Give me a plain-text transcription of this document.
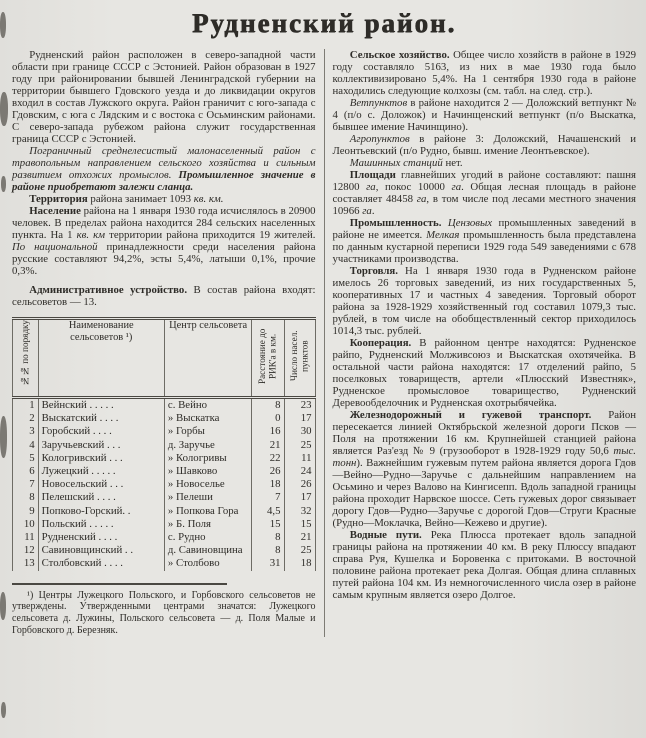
Рудненский район.

Рудненский район расположен в северо-западной части области при границе СССР с Эстонией. Район образован в 1927 году при районировании бывшей Ленинградской губернии на территории бывшего Гдовского уезда и до ликвидации округов входил в состав Лужского округа. Район граничит с юго-запада с Гдовским, с юга с Лядским и с востока с Осьминским районами. С северо-запада рубежом района служит государственная граница СССР с Эстонией.

Пограничный среднелесистый малонаселенный район с травопольным направлением сельского хозяйства и сильным развитием отхожих промыслов. Промышленное значение в районе приобретают залежи сланца.

Территория района занимает 1093 кв. км.

Население района на 1 января 1930 года исчислялось в 20900 человек. В пределах района находится 284 сельских населенных пункта. На 1 кв. км территории района приходится 19 жителей. По национальной принадлежности среди населения района русские составляют 94,2%, эсты 5,4%, латыши 0,1%, прочие 0,3%.

Административное устройство. В состав района входят: сельсоветов — 13.

№№ по порядку	Наименование сельсоветов ¹)	Центр сельсовета	Расстояние до РИК'а в км.	Число насел. пунктов
1	Вейнский . . . . .	с. Вейно	8	23
2	Выскатский . . . .	» Выскатка	0	17
3	Горобский . . . .	» Горбы	16	30
4	Заручьевский . . .	д. Заручье	21	25
5	Кологривский . . .	» Кологривы	22	11
6	Лужецкий . . . . .	» Шавково	26	24
7	Новосельский . . .	» Новоселье	18	26
8	Пелешский . . . .	» Пелеши	7	17
9	Попково-Горский. .	» Попкова Гора	4,5	32
10	Польский . . . . .	» Б. Поля	15	15
11	Рудненский . . . .	с. Рудно	8	21
12	Савиновщинский . .	д. Савиновщина	8	25
13	Столбовский . . . .	» Столбово	31	18

¹) Центры Лужецкого Польского, и Горбовского сельсоветов не утверждены. Утвержденными центрами значатся: Лужецкого сельсовета д. Лужины, Польского сельсовета — д. Поля Малые и Горбовского д. Березняк.

Сельское хозяйство. Общее число хозяйств в районе в 1929 году составляло 5163, из них в мае 1930 года было коллективизировано 5,4%. На 1 сентября 1930 года в районе находились следующие колхозы (см. табл. на след. стр.).

Ветпунктов в районе находится 2 — Доложский ветпункт № 4 (п/о с. Доложок) и Начинщенский ветпункт (п/о Выскатка, бывшее имение Начинщино).

Агропунктов в районе 3: Доложский, Начашенский и Леонтьевский (п/о Рудно, бывш. имение Леонтьевское).

Машинных станций нет.

Площади главнейших угодий в районе составляют: пашня 12800 га, покос 10000 га. Общая лесная площадь в районе составляет 48458 га, в том числе под лесами местного значения 10966 га.

Промышленность. Цензовых промышленных заведений в районе не имеется. Мелкая промышленность была представлена по данным кустарной переписи 1929 года 549 заведениями с 678 участниками производства.

Торговля. На 1 января 1930 года в Рудненском районе имелось 26 торговых заведений, из них государственных 5, кооперативных 17 и частных 4 заведения. Торговый оборот района за 1928-1929 хозяйственный год составил 1079,3 тыс. рублей, в том числе на обобществленный сектор приходилось 1014,3 тыс. рублей.

Кооперация. В районном центре находятся: Рудненское райпо, Рудненский Молживсоюз и Выскатская охотячейка. В остальной части района находятся: 17 отделений райпо, 5 поселковых товариществ, артели «Плюсский Известняк», Рудненское промысловое товарищество, Рудненский Деревообделочник и Рудненская охотрыбячейка.

Железнодорожный и гужевой транспорт. Район пересекается линией Октябрьской железной дороги Псков — Поля на протяжении 16 км. Крупнейшей станцией района является Раз'езд № 9 (грузооборот в 1928-1929 году 50,6 тыс. тонн). Важнейшим гужевым путем района является дорога Гдов—Вейно—Рудно—Заручье с дальнейшим направлением на Осьмино и через Валово на Кингисепп. Вдоль западной границы района проходит Нарвское шоссе. Сеть гужевых дорог связывает дорогу Гдов—Рудно—Заручье с дорогой Гдов—Струги Красные (Рудно—Моклачка, Вейно—Кежево и другие).

Водные пути. Река Плюсса протекает вдоль западной границы района на протяжении 40 км. В реку Плюссу впадают справа Руя, Кушелка и Боровенка с притоками. В восточной половине района протекает река Долгая. Общая длина сплавных путей района 104 км. Из немногочисленного числа озер в районе самым крупным является озеро Долгое.
